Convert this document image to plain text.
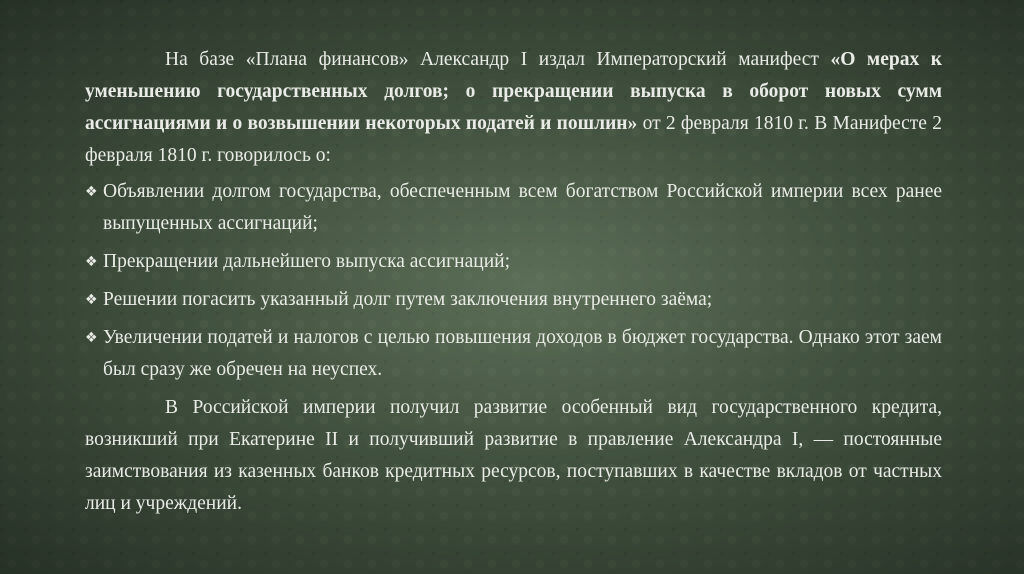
На базе «Плана финансов» Александр I издал Императорский манифест «О мерах к уменьшению государственных долгов; о прекращении выпуска в оборот новых сумм ассигнациями и о возвышении некоторых податей и пошлин» от 2 февраля 1810 г. В Манифесте 2 февраля 1810 г. говорилось о:

❖ Объявлении долгом государства, обеспеченным всем богатством Российской империи всех ранее выпущенных ассигнаций;
❖ Прекращении дальнейшего выпуска ассигнаций;
❖ Решении погасить указанный долг путем заключения внутреннего заёма;
❖ Увеличении податей и налогов с целью повышения доходов в бюджет государства. Однако этот заем был сразу же обречен на неуспех.

В Российской империи получил развитие особенный вид государственного кредита, возникший при Екатерине II и получивший развитие в правление Александра I, — постоянные заимствования из казенных банков кредитных ресурсов, поступавших в качестве вкладов от частных лиц и учреждений.
